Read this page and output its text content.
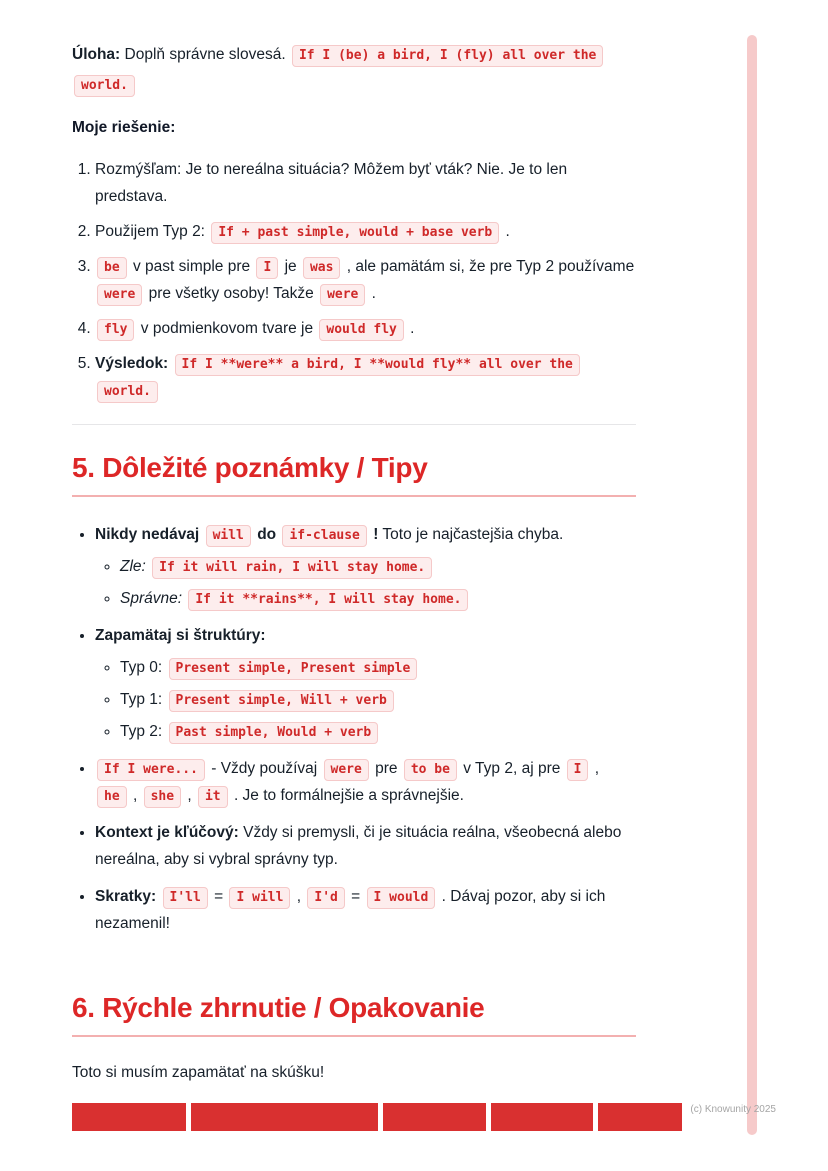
Úloha: Doplň správne slovesá. If I (be) a bird, I (fly) all over the world.

Moje riešenie:
1. Rozmýšľam: Je to nereálna situácia? Môžem byť vták? Nie. Je to len predstava.
2. Použijem Typ 2: If + past simple, would + base verb .
3. be v past simple pre I je was , ale pamätám si, že pre Typ 2 používame were pre všetky osoby! Takže were .
4. fly v podmienkovom tvare je would fly .
5. Výsledok: If I **were** a bird, I **would fly** all over the world.
5. Dôležité poznámky / Tipy
• Nikdy nedávaj will do if-clause ! Toto je najčastejšia chyba.
◦ Zle: If it will rain, I will stay home.
◦ Správne: If it **rains**, I will stay home.
• Zapamätaj si štruktúry:
◦ Typ 0: Present simple, Present simple
◦ Typ 1: Present simple, Will + verb
◦ Typ 2: Past simple, Would + verb
• If I were... - Vždy používaj were pre to be v Typ 2, aj pre I , he , she , it . Je to formálnejšie a správnejšie.
• Kontext je kľúčový: Vždy si premysli, či je situácia reálna, všeobecná alebo nereálna, aby si vybral správny typ.
• Skratky: I'll = I will , I'd = I would . Dávaj pozor, aby si ich nezamenil!
6. Rýchle zhrnutie / Opakovanie

Toto si musím zapamätať na skúšku!

(c) Knowunity 2025
